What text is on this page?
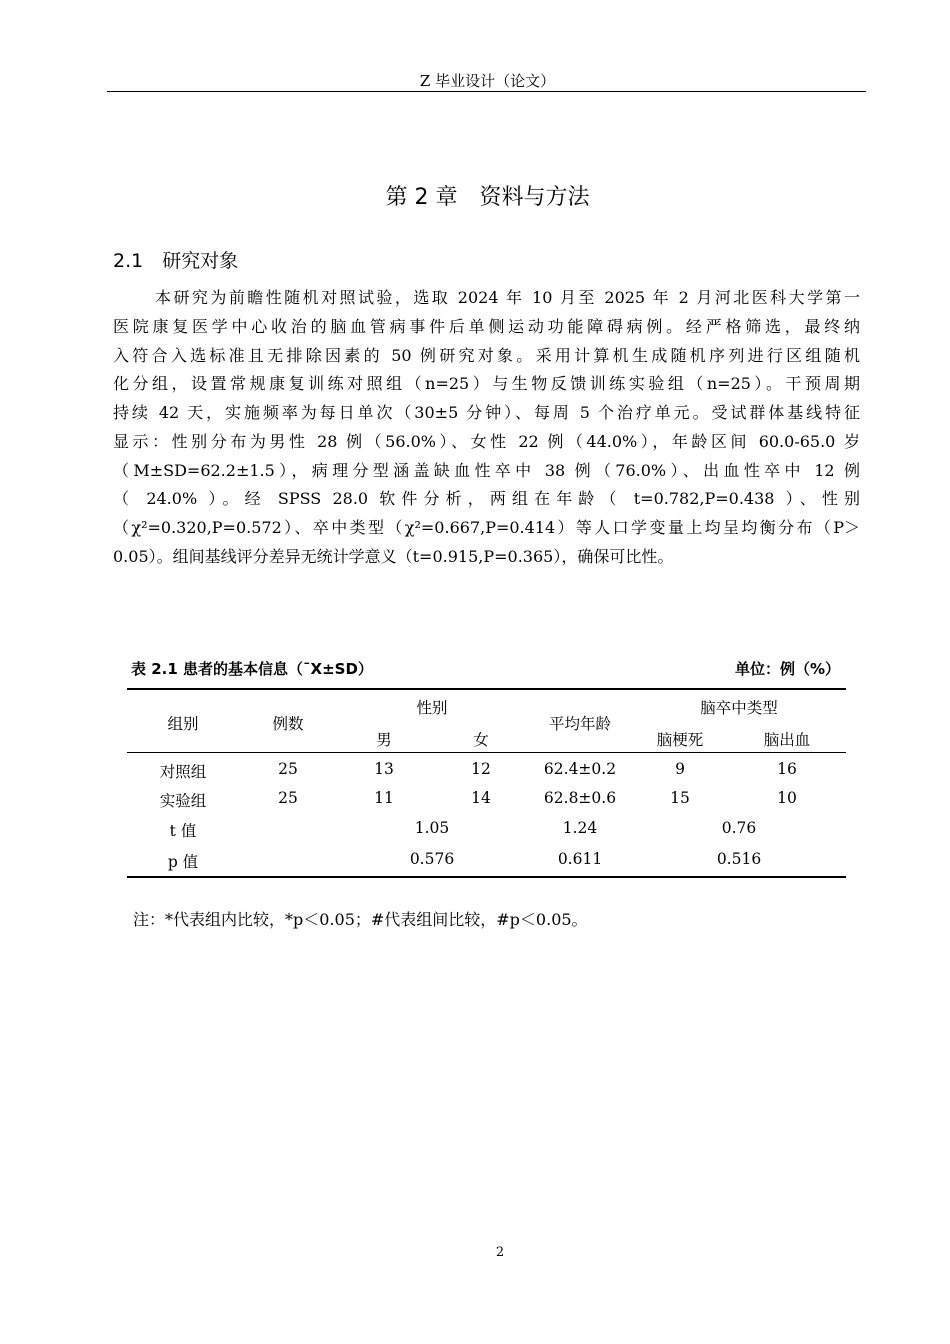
Z 毕业设计（论文）
第 2 章　资料与方法
2.1　研究对象
本研究为前瞻性随机对照试验，选取 2024 年 10 月至 2025 年 2 月河北医科大学第一
医院康复医学中心收治的脑血管病事件后单侧运动功能障碍病例。经严格筛选，最终纳
入符合入选标准且无排除因素的 50 例研究对象。采用计算机生成随机序列进行区组随机
化分组，设置常规康复训练对照组（n=25）与生物反馈训练实验组（n=25）。干预周期
持续 42 天，实施频率为每日单次（30±5 分钟）、每周 5 个治疗单元。受试群体基线特征
显示：性别分布为男性 28 例（56.0%）、女性 22 例（44.0%），年龄区间 60.0-65.0 岁
（M±SD=62.2±1.5），病理分型涵盖缺血性卒中 38 例（76.0%）、出血性卒中 12 例
（ 24.0% ）。经 SPSS 28.0 软件分析，两组在年龄（ t=0.782,P=0.438 ）、性别
（χ²=0.320,P=0.572）、卒中类型（χ²=0.667,P=0.414）等人口学变量上均呈均衡分布（P＞
0.05）。组间基线评分差异无统计学意义（t=0.915,P=0.365），确保可比性。
表 2.1 患者的基本信息（¯X±SD）	单位：例（%）
组别	例数
性别
男	女
平均年龄
脑卒中类型
脑梗死	脑出血
对照组	25	13	12	62.4±0.2	9	16
实验组	25	11	14	62.8±0.6	15	10
t 值	1.05	1.24	0.76
p 值	0.576	0.611	0.516
注：*代表组内比较，*p＜0.05；#代表组间比较，#p＜0.05。
2
